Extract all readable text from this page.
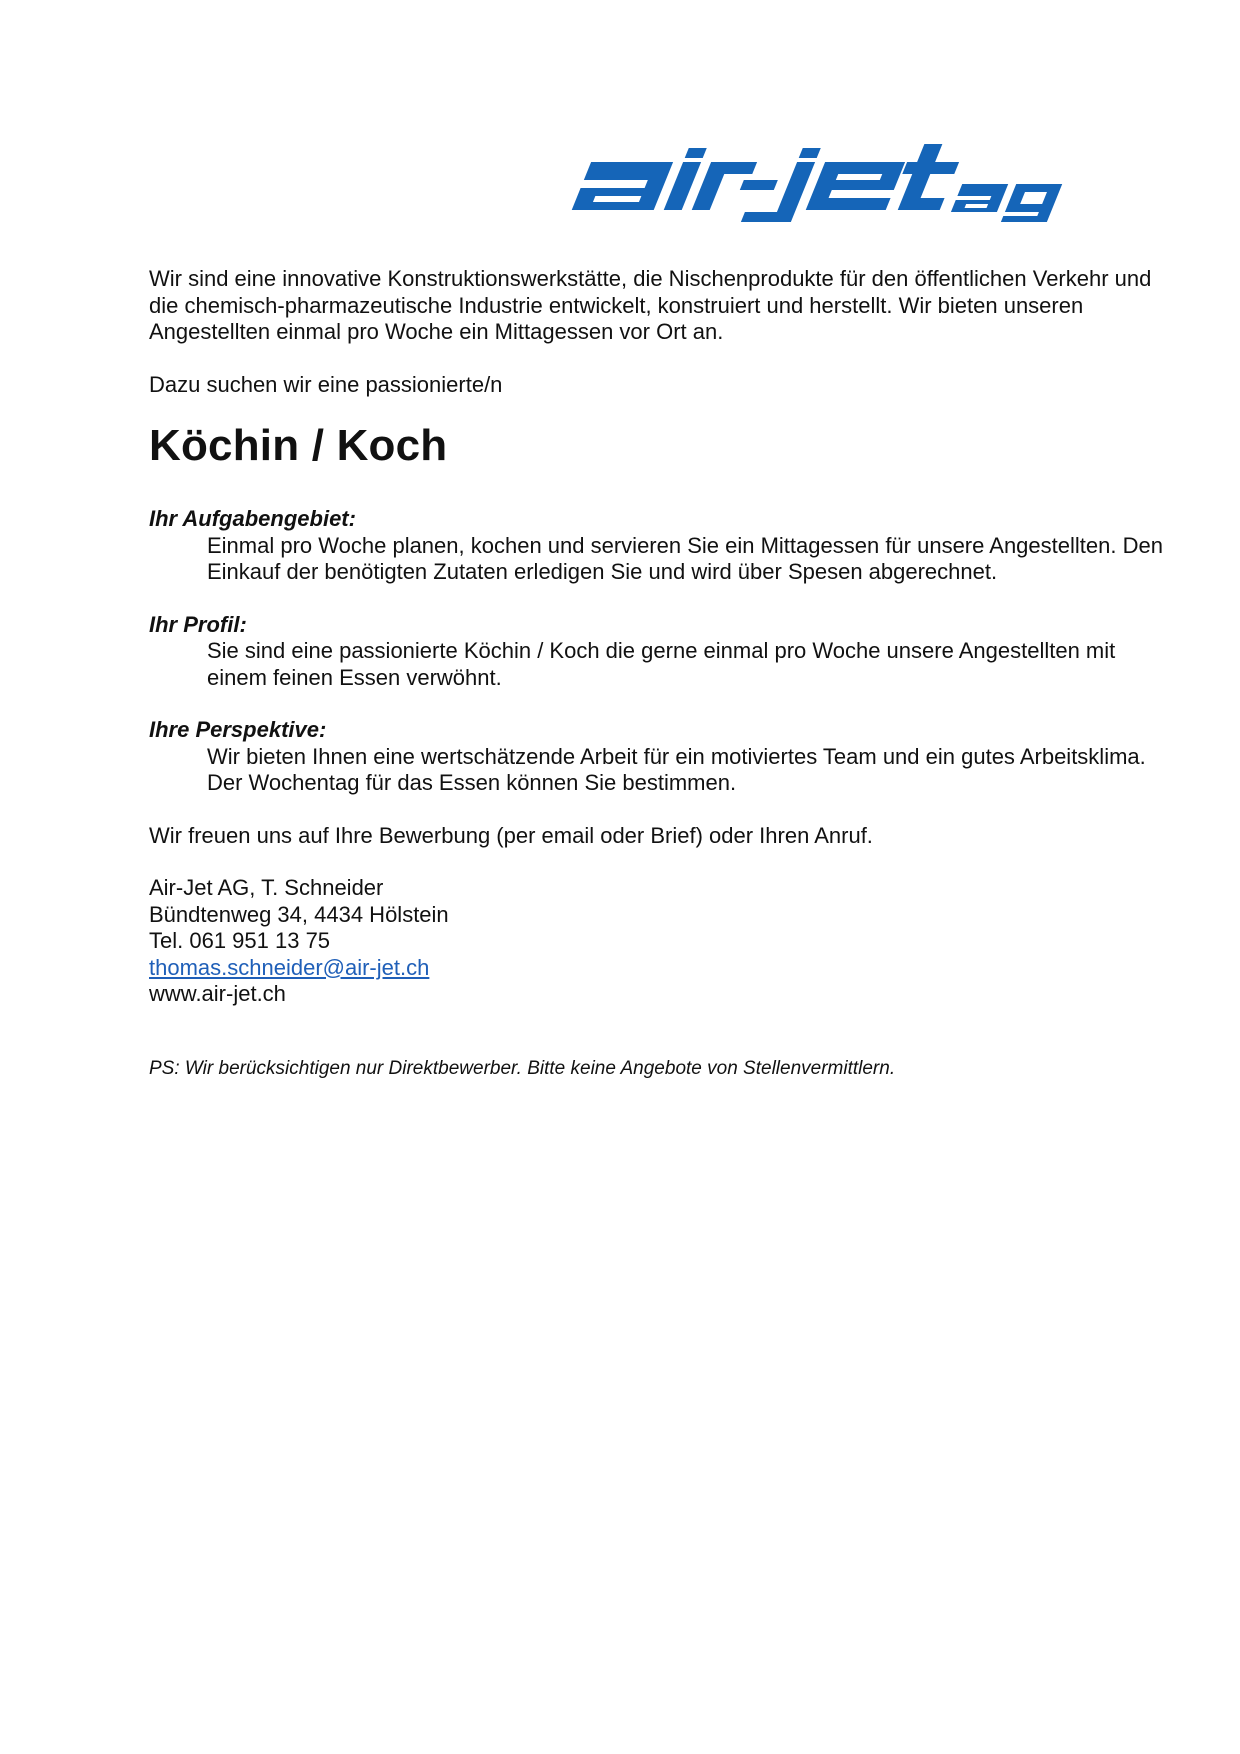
Wir sind eine innovative Konstruktionswerkstätte, die Nischenprodukte für den öffentlichen Verkehr und die chemisch-pharmazeutische Industrie entwickelt, konstruiert und herstellt. Wir bieten unseren Angestellten einmal pro Woche ein Mittagessen vor Ort an.

Dazu suchen wir eine passionierte/n

Köchin / Koch
Ihr Aufgabengebiet:
Einmal pro Woche planen, kochen und servieren Sie ein Mittagessen für unsere Angestellten. Den Einkauf der benötigten Zutaten erledigen Sie und wird über Spesen abgerechnet.
Ihr Profil:
Sie sind eine passionierte Köchin / Koch die gerne einmal pro Woche unsere Angestellten mit einem feinen Essen verwöhnt.
Ihre Perspektive:
Wir bieten Ihnen eine wertschätzende Arbeit für ein motiviertes Team und ein gutes Arbeitsklima. Der Wochentag für das Essen können Sie bestimmen.

Wir freuen uns auf Ihre Bewerbung (per email oder Brief) oder Ihren Anruf.

Air-Jet AG, T. Schneider
Bündtenweg 34, 4434 Hölstein
Tel. 061 951 13 75
thomas.schneider@air-jet.ch
www.air-jet.ch

PS: Wir berücksichtigen nur Direktbewerber. Bitte keine Angebote von Stellenvermittlern.
